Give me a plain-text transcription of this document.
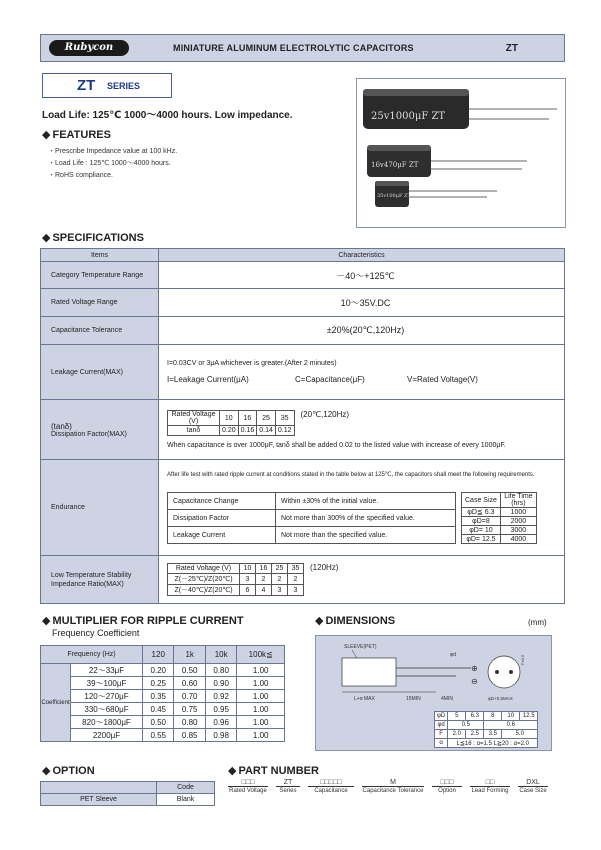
Rubycon	MINIATURE ALUMINUM ELECTROLYTIC CAPACITORS	ZT
ZT SERIES
Load Life: 125℃ 1000～4000 hours. Low impedance.
◆ FEATURES
・Prescribe Impedance value at 100 kHz.
・Load Life : 125℃ 1000～4000 hours.
・RoHS compliance.
25v1000μF ZT
16v470μF ZT
35v100μF ZT
◆ SPECIFICATIONS
Items	Characteristics
Category Temperature Range	－40～+125℃
Rated Voltage Range	10～35V.DC
Capacitance Tolerance	±20%(20℃,120Hz)
Leakage Current(MAX)	
I=0.03CV or 3μA whichever is greater.(After 2 minutes)
I=Leakage Current(μA)	C=Capacitance(μF)	V=Rated Voltage(V)

(tanδ)
Dissipation Factor(MAX)

Rated Voltage (V)	10	16	25	35
tanδ	0.20	0.16	0.14	0.12
(20℃,120Hz)
When capacitance is over 1000μF, tanδ shall be added 0.02 to the listed value with increase of every 1000μF.

Endurance	
After life test with rated ripple current at conditions stated in the table below at 125℃, the capacitors shall meet the following requirements.
Capacitance Change	Within ±30% of the initial value.
Dissipation Factor	Not more than 300% of the specified value.
Leakage Current	Not more than the specified value.
Case Size	Life Time (hrs)
φD≦ 6.3	1000
φD=8	2000
φD= 10	3000
φD= 12.5	4000

Low Temperature Stability Impedance Ratio(MAX)	
Rated Voltage (V)	10	16	25	35
Z(－25℃)/Z(20℃)	3	2	2	2
Z(－40℃)/Z(20℃)	6	4	3	3
(120Hz)
◆ MULTIPLIER FOR RIPPLE CURRENT
Frequency Coefficient
Frequency (Hz)		120	1k	10k	100k≦
Coefficient	22～33μF	0.20	0.50	0.80	1.00
	39～100μF	0.25	0.60	0.90	1.00
	120～270μF	0.35	0.70	0.92	1.00
	330～680μF	0.45	0.75	0.95	1.00
	820～1800μF	0.50	0.80	0.96	1.00
	2200μF	0.55	0.85	0.98	1.00
◆ DIMENSIONS	(mm)
SLEEVE(PET)
φd
⊕
⊖
F±0.5
L+α MAX	15MIN	4MIN	φD+0.5MAX
φD	5	6.3	8	10	12.5
φd	0.5		0.6		
F	2.0	2.5	3.5	5.0	
α	L≦16 : α=1.5 L≧20 : α=2.0				
◆ OPTION
	Code
PET Sleeve	Blank
◆ PART NUMBER
□□□
Rated Voltage
ZT
Series
□□□□□
Capacitance
M
Capacitance Tolerance
□□□
Option
□□
Lead Forming
DXL
Case Size
